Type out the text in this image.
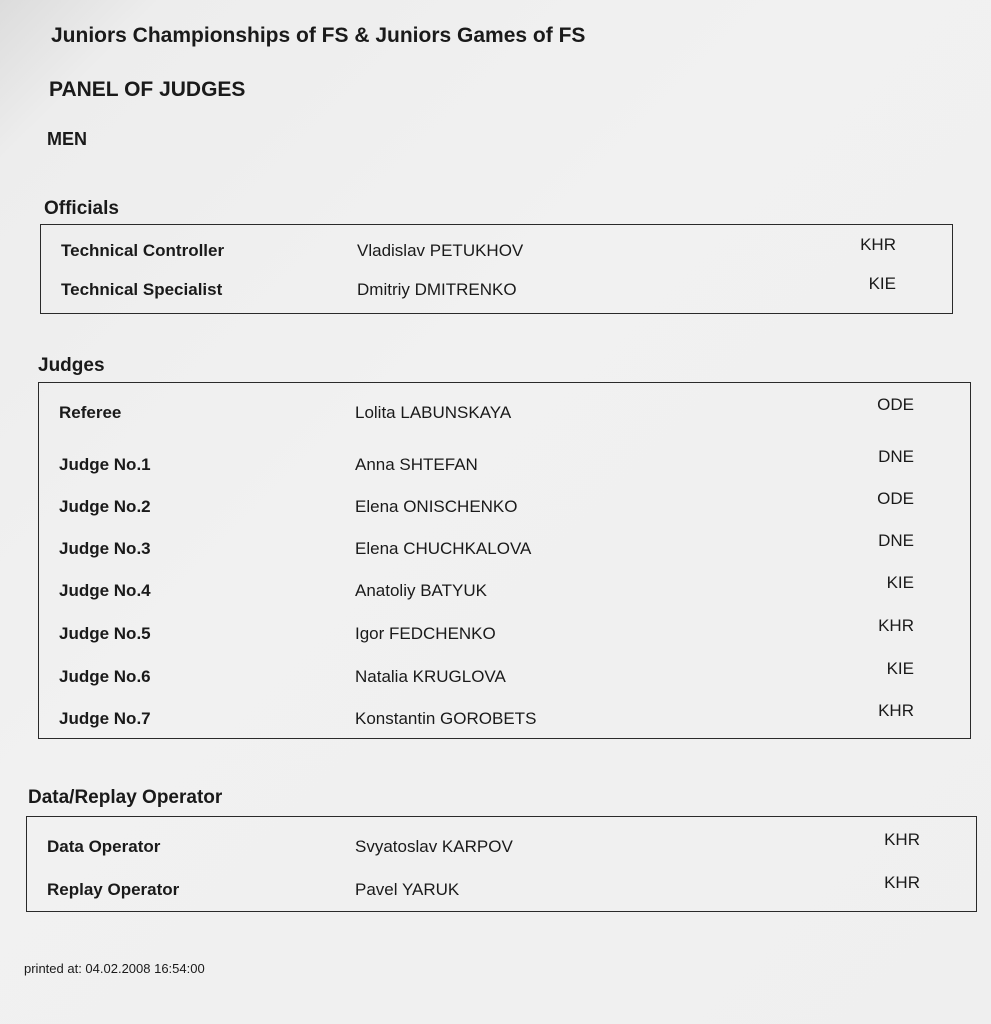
Juniors Championships of FS & Juniors Games of FS
PANEL OF JUDGES
MEN
Officials
Technical Controller	Vladislav PETUKHOV	KHR
Technical Specialist	Dmitriy DMITRENKO	KIE
Judges
Referee	Lolita LABUNSKAYA	ODE
Judge No.1	Anna SHTEFAN	DNE
Judge No.2	Elena ONISCHENKO	ODE
Judge No.3	Elena CHUCHKALOVA	DNE
Judge No.4	Anatoliy BATYUK	KIE
Judge No.5	Igor FEDCHENKO	KHR
Judge No.6	Natalia KRUGLOVA	KIE
Judge No.7	Konstantin GOROBETS	KHR
Data/Replay Operator
Data Operator	Svyatoslav KARPOV	KHR
Replay Operator	Pavel YARUK	KHR
printed at: 04.02.2008 16:54:00
